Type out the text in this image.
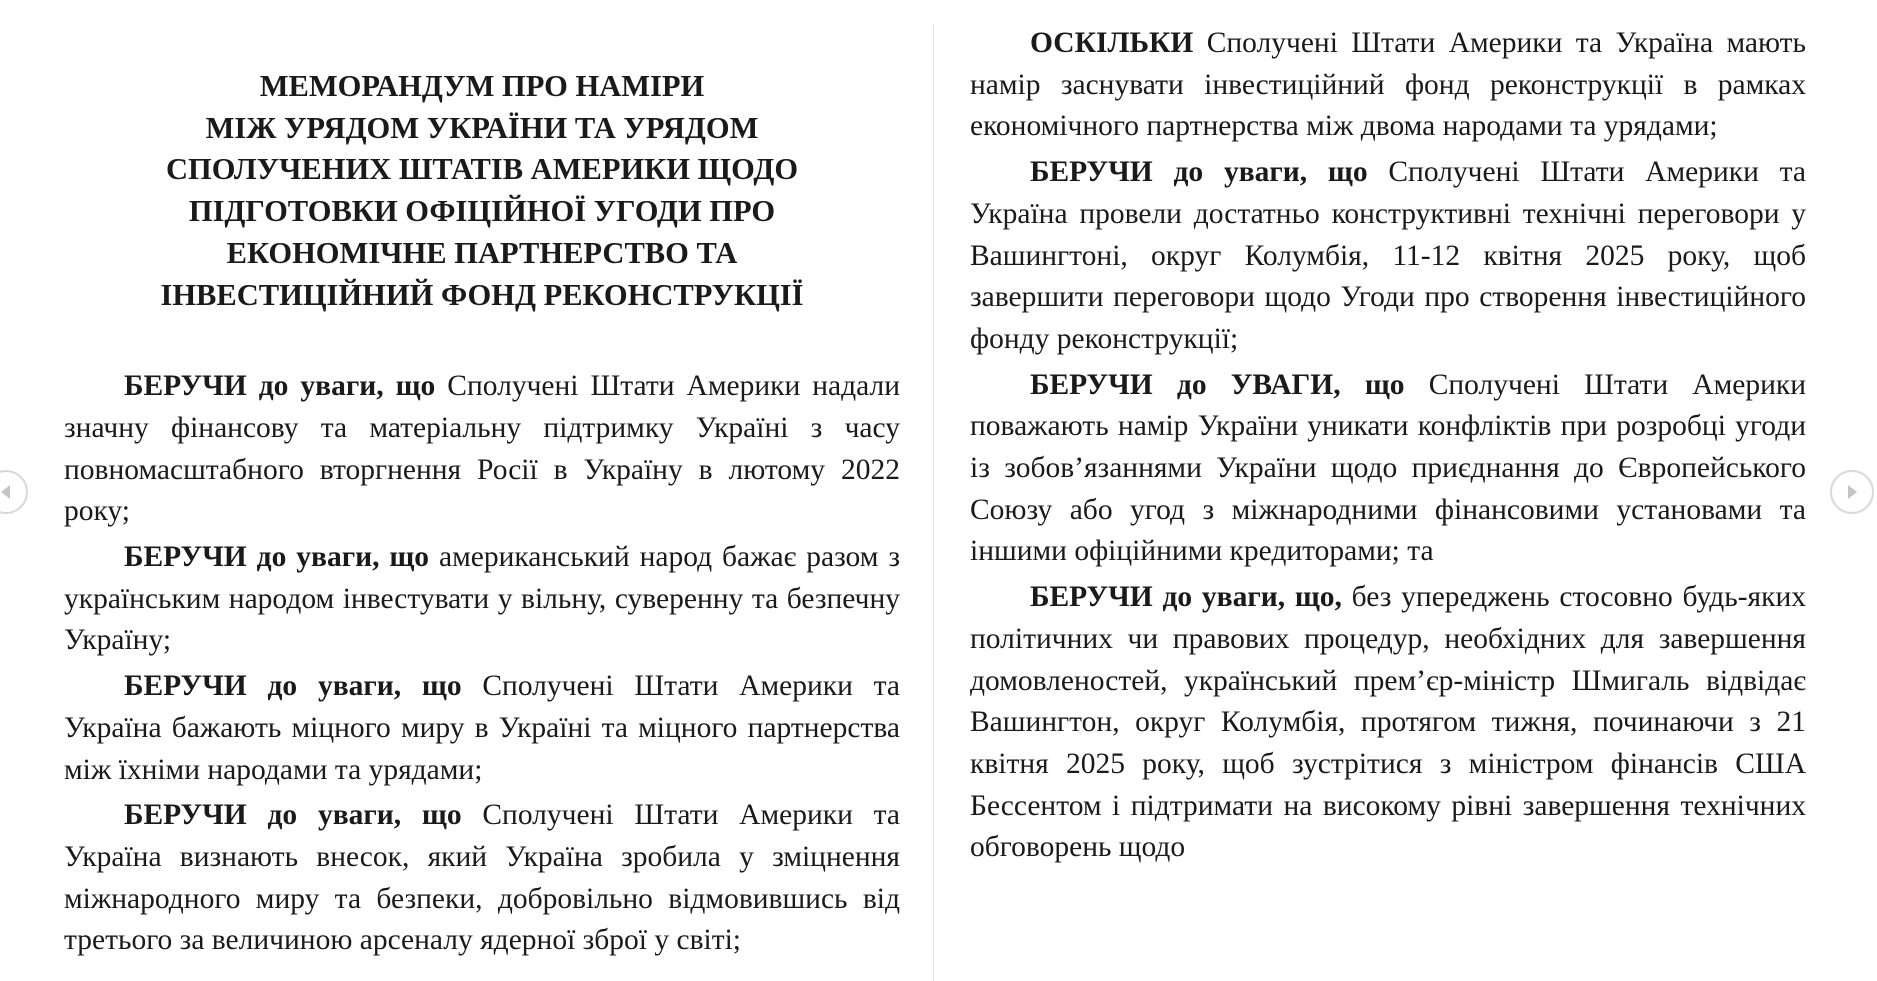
МЕМОРАНДУМ ПРО НАМІРИ
МІЖ УРЯДОМ УКРАЇНИ ТА УРЯДОМ
СПОЛУЧЕНИХ ШТАТІВ АМЕРИКИ ЩОДО
ПІДГОТОВКИ ОФІЦІЙНОЇ УГОДИ ПРО
ЕКОНОМІЧНЕ ПАРТНЕРСТВО ТА
ІНВЕСТИЦІЙНИЙ ФОНД РЕКОНСТРУКЦІЇ

БЕРУЧИ до уваги, що Сполучені Штати Америки надали значну фінансову та матеріальну підтримку Україні з часу повномасштабного вторгнення Росії в Україну в лютому 2022 року;

БЕРУЧИ до уваги, що американський народ бажає разом з українським народом інвестувати у вільну, суверенну та безпечну Україну;

БЕРУЧИ до уваги, що Сполучені Штати Америки та Україна бажають міцного миру в Україні та міцного партнерства між їхніми народами та урядами;

БЕРУЧИ до уваги, що Сполучені Штати Америки та Україна визнають внесок, який Україна зробила у зміцнення міжнародного миру та безпеки, добровільно відмовившись від третього за величиною арсеналу ядерної зброї у світі;

ОСКІЛЬКИ Сполучені Штати Америки та Україна мають намір заснувати інвестиційний фонд реконструкції в рамках економічного партнерства між двома народами та урядами;

БЕРУЧИ до уваги, що Сполучені Штати Америки та Україна провели достатньо конструктивні технічні переговори у Вашингтоні, округ Колумбія, 11-12 квітня 2025 року, щоб завершити переговори щодо Угоди про створення інвестиційного фонду реконструкції;

БЕРУЧИ до УВАГИ, що Сполучені Штати Америки поважають намір України уникати конфліктів при розробці угоди із зобов’язаннями України щодо приєднання до Європейського Союзу або угод з міжнародними фінансовими установами та іншими офіційними кредиторами; та

БЕРУЧИ до уваги, що, без упереджень стосовно будь-яких політичних чи правових процедур, необхідних для завершення домовленостей, український прем’єр-міністр Шмигаль відвідає Вашингтон, округ Колумбія, протягом тижня, починаючи з 21 квітня 2025 року, щоб зустрітися з міністром фінансів США Бессентом і підтримати на високому рівні завершення технічних обговорень щодо
